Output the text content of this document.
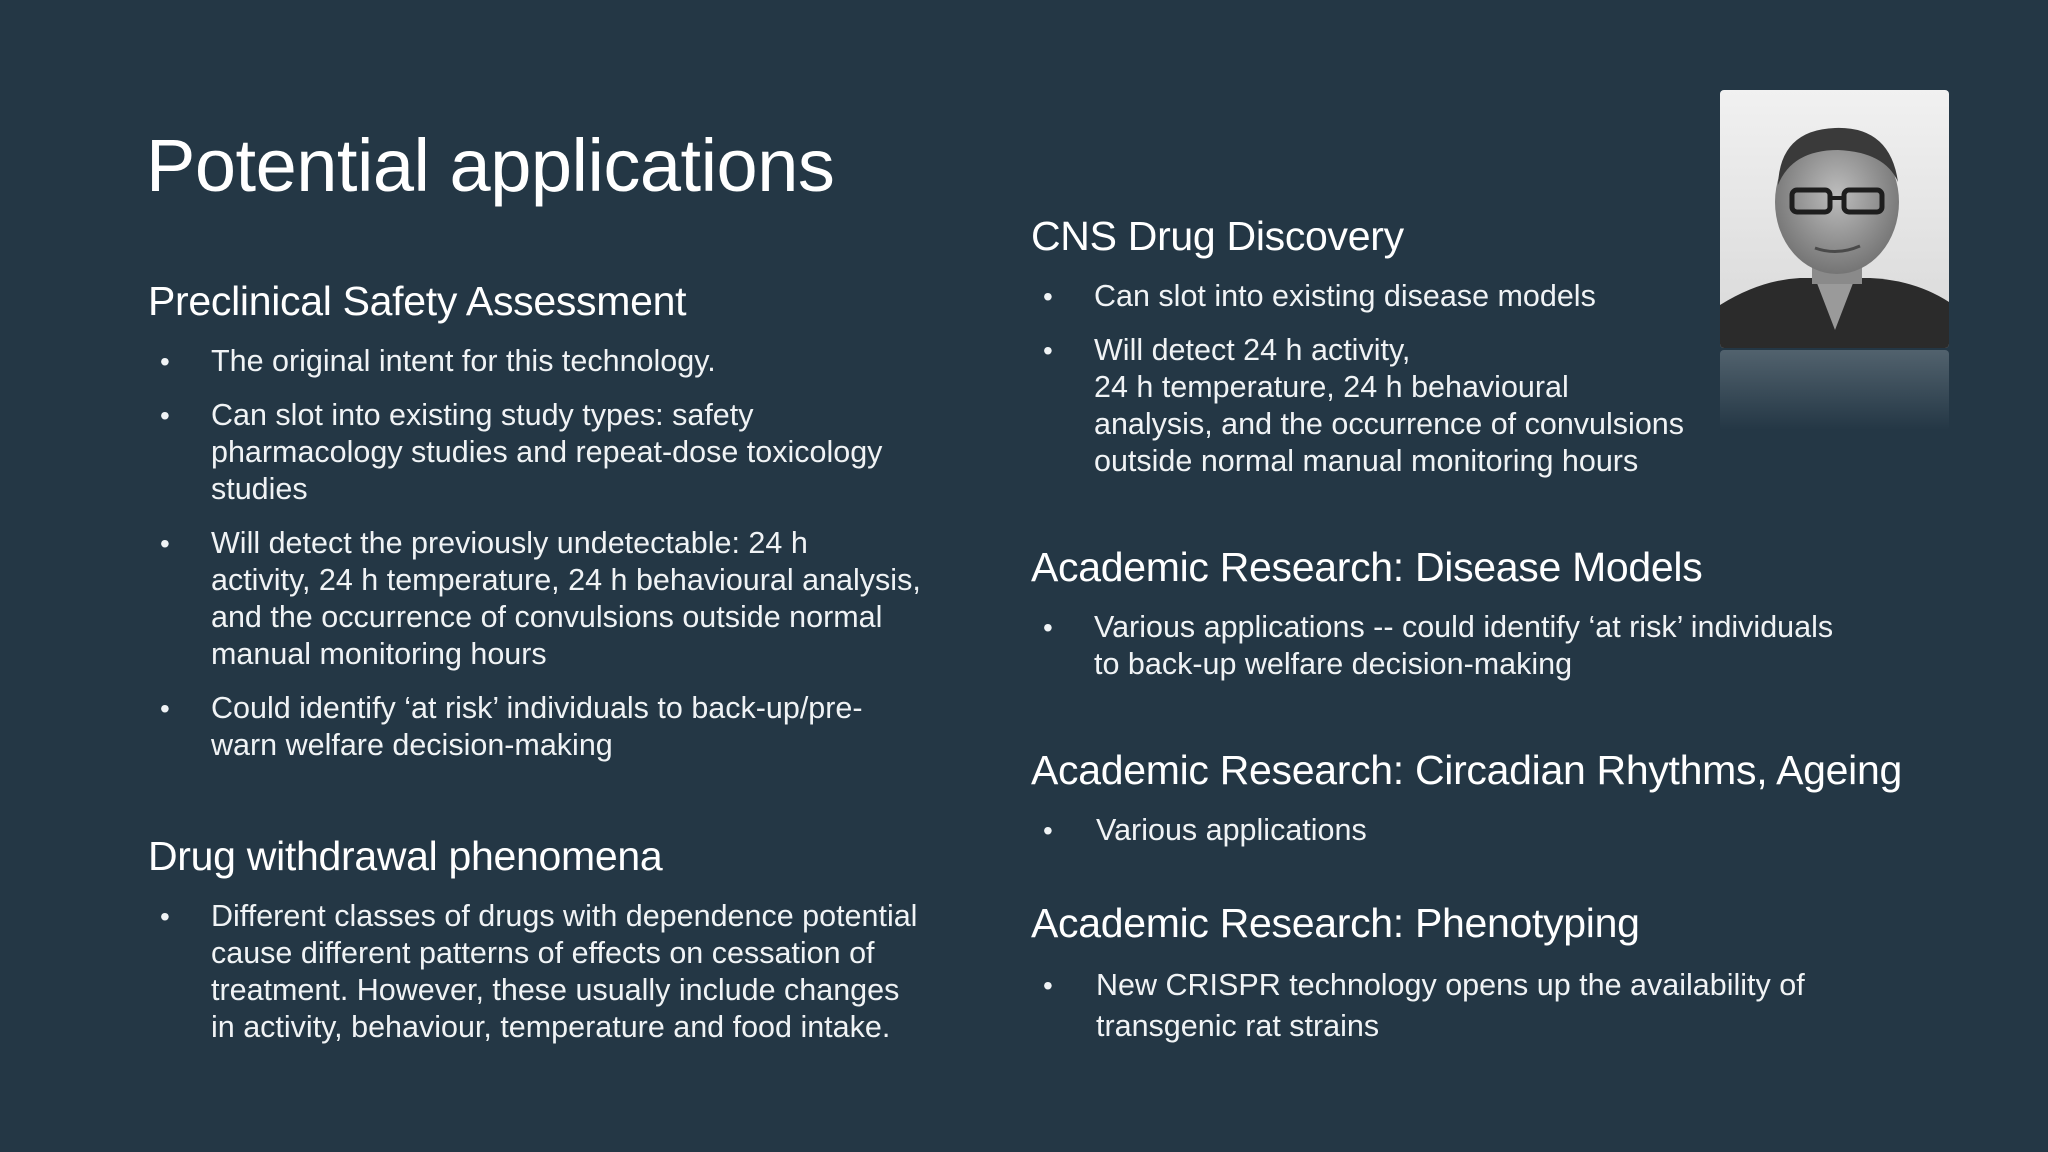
Potential applications
Preclinical Safety Assessment
• The original intent for this technology.
• Can slot into existing study types: safety
pharmacology studies and repeat-dose toxicology
studies
• Will detect the previously undetectable: 24 h
activity, 24 h temperature, 24 h behavioural analysis,
and the occurrence of convulsions outside normal
manual monitoring hours
• Could identify ‘at risk’ individuals to back-up/pre-
warn welfare decision-making
Drug withdrawal phenomena
• Different classes of drugs with dependence potential
cause different patterns of effects on cessation of
treatment. However, these usually include changes
in activity, behaviour, temperature and food intake.
CNS Drug Discovery
• Can slot into existing disease models
• Will detect 24 h activity,
24 h temperature, 24 h behavioural
analysis, and the occurrence of convulsions
outside normal manual monitoring hours
Academic Research: Disease Models
• Various applications -- could identify ‘at risk’ individuals
to back-up welfare decision-making
Academic Research: Circadian Rhythms, Ageing
• Various applications
Academic Research: Phenotyping
• New CRISPR technology opens up the availability of
transgenic rat strains
